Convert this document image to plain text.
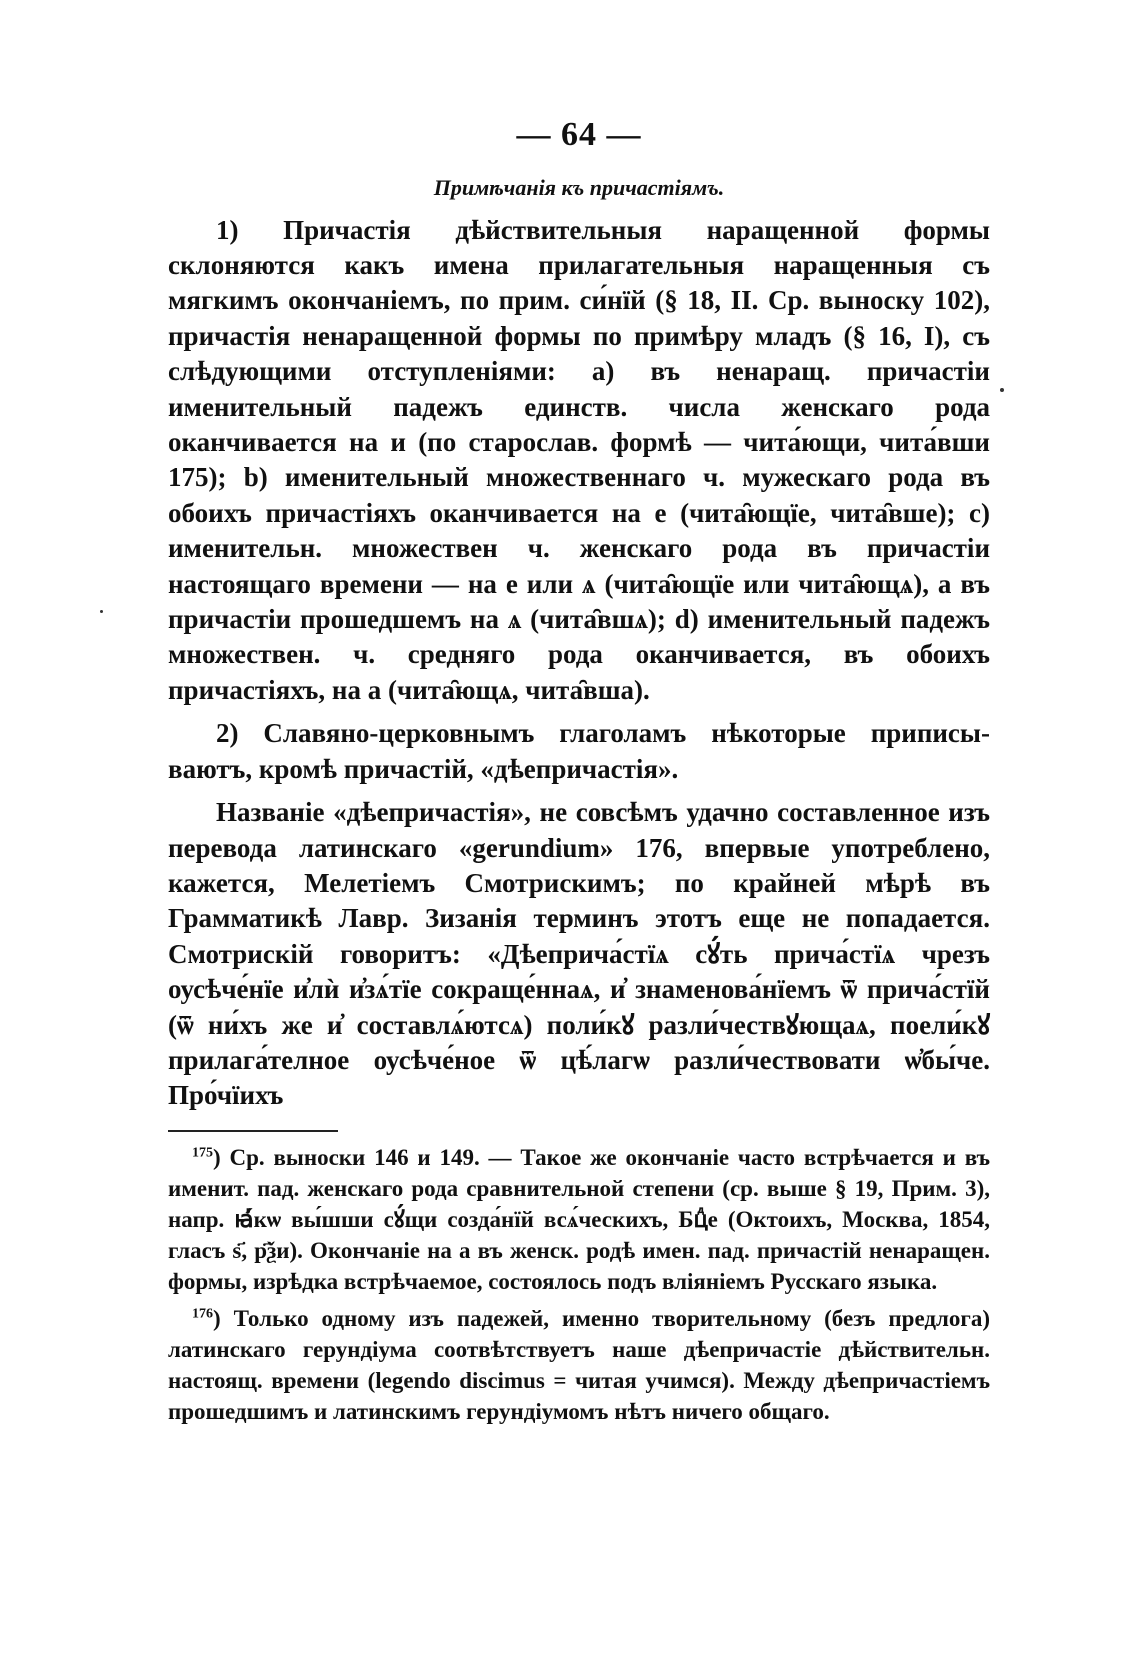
— 64 —
Примѣчанія къ причастіямъ.

1) Причастія дѣйствительныя наращенной формы склоняются какъ имена прилагательныя наращенныя съ мягкимъ окончаніемъ, по прим. си́нїй (§ 18, II. Ср. выноску 102), причастія ненаращенной формы по примѣру младъ (§ 16, I), съ слѣдующими отступленіями: a) въ ненаращ. причастіи именительный падежъ единств. числа женскаго рода оканчивается на и (по старослав. формѣ — чита́ющи, чита́вши 175); b) именительный множественнаго ч. мужескаго рода въ обоихъ причастіяхъ оканчивается на е (чита̑ющїе, чита̑вше); c) именительн. множествен ч. женскаго рода въ причастіи настоящаго времени — на е или ѧ (чита̑ющїе или чита̑ющѧ), а въ причастіи прошедшемъ на ѧ (чита̑вшѧ); d) именительный падежъ множествен. ч. средняго рода оканчивается, въ обоихъ причастіяхъ, на а (чита̑ющѧ, чита̑вша).

2) Славяно-церковнымъ глаголамъ нѣкоторые приписываютъ, кромѣ причастій, «дѣепричастія».

Названіе «дѣепричастія», не совсѣмъ удачно составленное изъ перевода латинскаго «gerundium» 176, впервые употреблено, кажется, Мелетіемъ Смотрискимъ; по крайней мѣрѣ въ Грамматикѣ Лавр. Зизанія терминъ этотъ еще не попадается. Смотрискій говоритъ: «Дѣеприча́стїѧ сꙋ́ть прича́стїѧ чрезъ оусѣче́нїе и҆лѝ и҆зѧ́тїе сокраще́ннаѧ, и҆ знаменова́нїемъ ѿ прича́стїй (ѿ ни́хъ же и҆ составлѧ́ютсѧ) поли́кꙋ разли́чествꙋющаѧ, поели́кꙋ прилага́телное оусѣче́ное ѿ цѣ́лагѡ разли́чествовати ѡ҆бы́че. Про́чїихъ

$^{175}$) Ср. выноски 146 и 149. — Такое же окончаніе часто встрѣчается и въ именит. пад. женскаго рода сравнительной степени (ср. выше § 19, Прим. 3), напр. ꙗ҆́кѡ вы́шши сꙋ́щи созда́нїй всѧ́ческихъ, Бцⷣе (Октоихъ, Москва, 1854, гласъ ѕ҃, р҃ѯи). Окончаніе на а въ женск. родѣ имен. пад. причастій ненаращен. формы, изрѣдка встрѣчаемое, состоялось подъ вліяніемъ Русскаго языка.

$^{176}$) Только одному изъ падежей, именно творительному (безъ предлога) латинскаго герундіума соотвѣтствуетъ наше дѣепричастіе дѣйствительн. настоящ. времени (legendo discimus = читая учимся). Между дѣепричастіемъ прошедшимъ и латинскимъ герундіумомъ нѣтъ ничего общаго.
